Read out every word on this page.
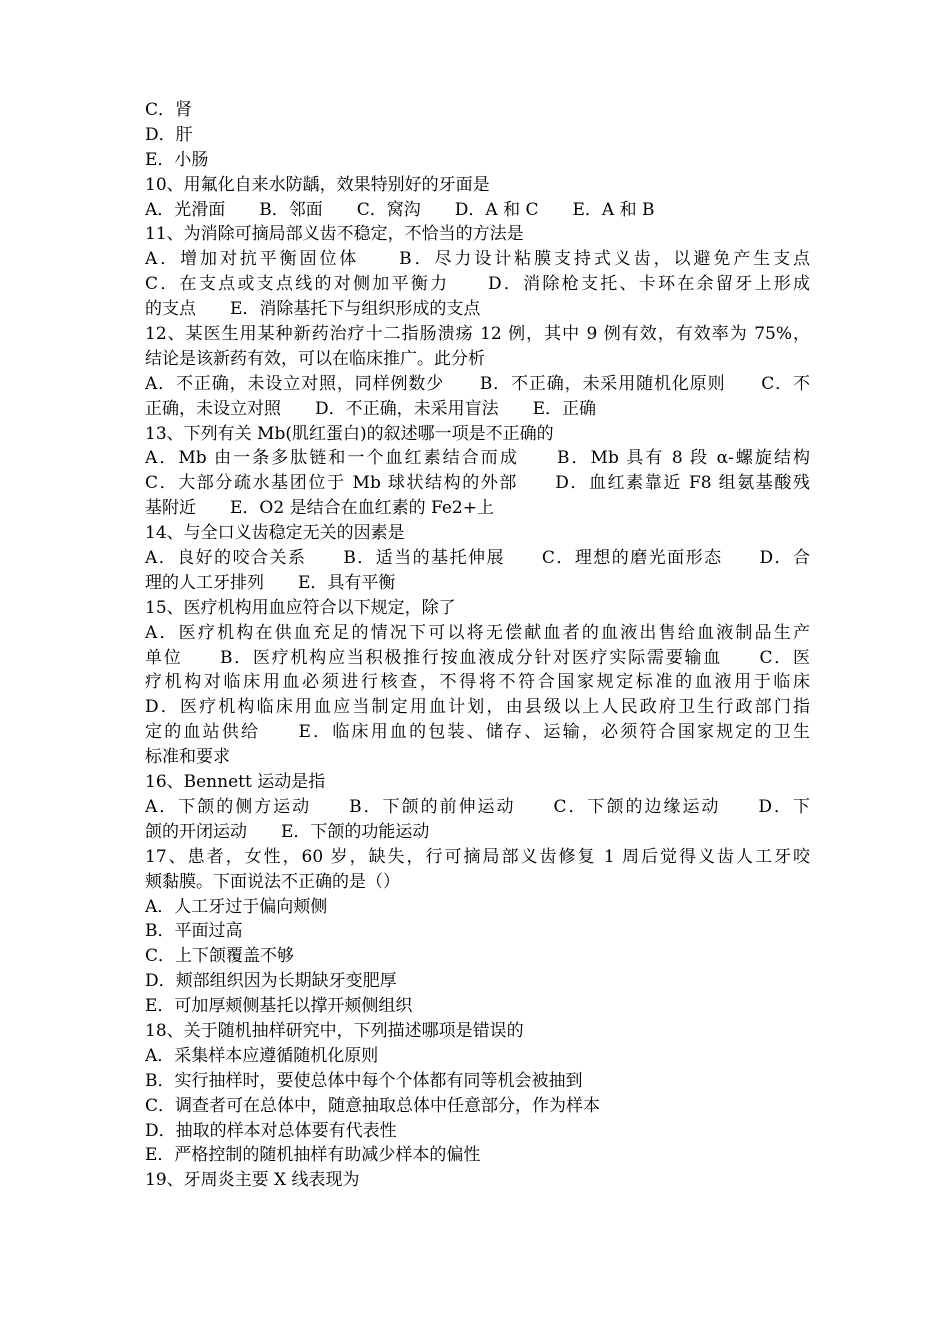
C．肾
D．肝
E．小肠
10、用氟化自来水防龋，效果特别好的牙面是
A．光滑面　　B．邻面　　C．窝沟　　D．A 和 C　　E．A 和 B
11、为消除可摘局部义齿不稳定，不恰当的方法是
A．增加对抗平衡固位体　　B．尽力设计粘膜支持式义齿，以避免产生支点
C．在支点或支点线的对侧加平衡力　　D．消除枪支托、卡环在余留牙上形成
的支点　　E．消除基托下与组织形成的支点
12、某医生用某种新药治疗十二指肠溃疡 12 例，其中 9 例有效，有效率为 75%，
结论是该新药有效，可以在临床推广。此分析
A．不正确，未设立对照，同样例数少　　B．不正确，未采用随机化原则　　C．不
正确，未设立对照　　D．不正确，未采用盲法　　E．正确
13、下列有关 Mb(肌红蛋白)的叙述哪一项是不正确的
A．Mb 由一条多肽链和一个血红素结合而成　　B．Mb 具有 8 段 α-螺旋结构
C．大部分疏水基团位于 Mb 球状结构的外部　　D．血红素靠近 F8 组氨基酸残
基附近　　E．O2 是结合在血红素的 Fe2+上
14、与全口义齿稳定无关的因素是
A．良好的咬合关系　　B．适当的基托伸展　　C．理想的磨光面形态　　D．合
理的人工牙排列　　E．具有平衡
15、医疗机构用血应符合以下规定，除了
A．医疗机构在供血充足的情况下可以将无偿献血者的血液出售给血液制品生产
单位　　B．医疗机构应当积极推行按血液成分针对医疗实际需要输血　　C．医
疗机构对临床用血必须进行核查，不得将不符合国家规定标准的血液用于临床
D．医疗机构临床用血应当制定用血计划，由县级以上人民政府卫生行政部门指
定的血站供给　　E．临床用血的包装、储存、运输，必须符合国家规定的卫生
标准和要求
16、Bennett 运动是指
A．下颌的侧方运动　　B．下颌的前伸运动　　C．下颌的边缘运动　　D．下
颌的开闭运动　　E．下颌的功能运动
17、患者，女性，60 岁，缺失，行可摘局部义齿修复 1 周后觉得义齿人工牙咬
颊黏膜。下面说法不正确的是（）
A．人工牙过于偏向颊侧
B．平面过高
C．上下颌覆盖不够
D．颊部组织因为长期缺牙变肥厚
E．可加厚颊侧基托以撑开颊侧组织
18、关于随机抽样研究中，下列描述哪项是错误的
A．采集样本应遵循随机化原则
B．实行抽样时，要使总体中每个个体都有同等机会被抽到
C．调查者可在总体中，随意抽取总体中任意部分，作为样本
D．抽取的样本对总体要有代表性
E．严格控制的随机抽样有助减少样本的偏性
19、牙周炎主要 X 线表现为
